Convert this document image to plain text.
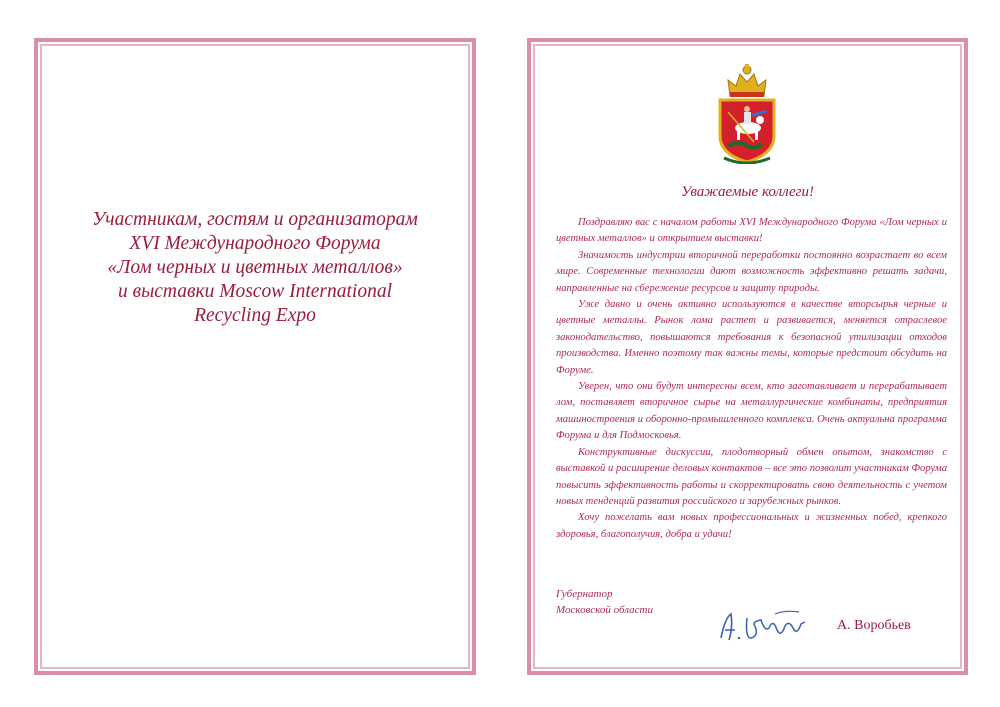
Участникам, гостям и организаторам
XVI Международного Форума
«Лом черных и цветных металлов»
и выставки Moscow International
Recycling Expo
Уважаемые коллеги!

Поздравляю вас с началом работы XVI Международного Форума «Лом черных и цветных металлов» и открытием выставки!

Значимость индустрии вторичной переработки постоянно возрастает во всем мире. Современные технологии дают возможность эффективно решать задачи, направленные на сбережение ресурсов и защиту природы.

Уже давно и очень активно используются в качестве вторсырья черные и цветные металлы. Рынок лома растет и развивается, меняется отраслевое законодательство, повышаются требования к безопасной утилизации отходов производства. Именно поэтому так важны темы, которые предстоит обсудить на Форуме.

Уверен, что они будут интересны всем, кто заготавливает и перерабатывает лом, поставляет вторичное сырье на металлургические комбинаты, предприятия машиностроения и оборонно-промышленного комплекса. Очень актуальна программа Форума и для Подмосковья.

Конструктивные дискуссии, плодотворный обмен опытом, знакомство с выставкой и расширение деловых контактов – все это позволит участникам Форума повысить эффективность работы и скорректировать свою деятельность с учетом новых тенденций развития российского и зарубежных рынков.

Хочу пожелать вам новых профессиональных и жизненных побед, крепкого здоровья, благополучия, добра и удачи!

Губернатор
Московской области
А. Воробьев
